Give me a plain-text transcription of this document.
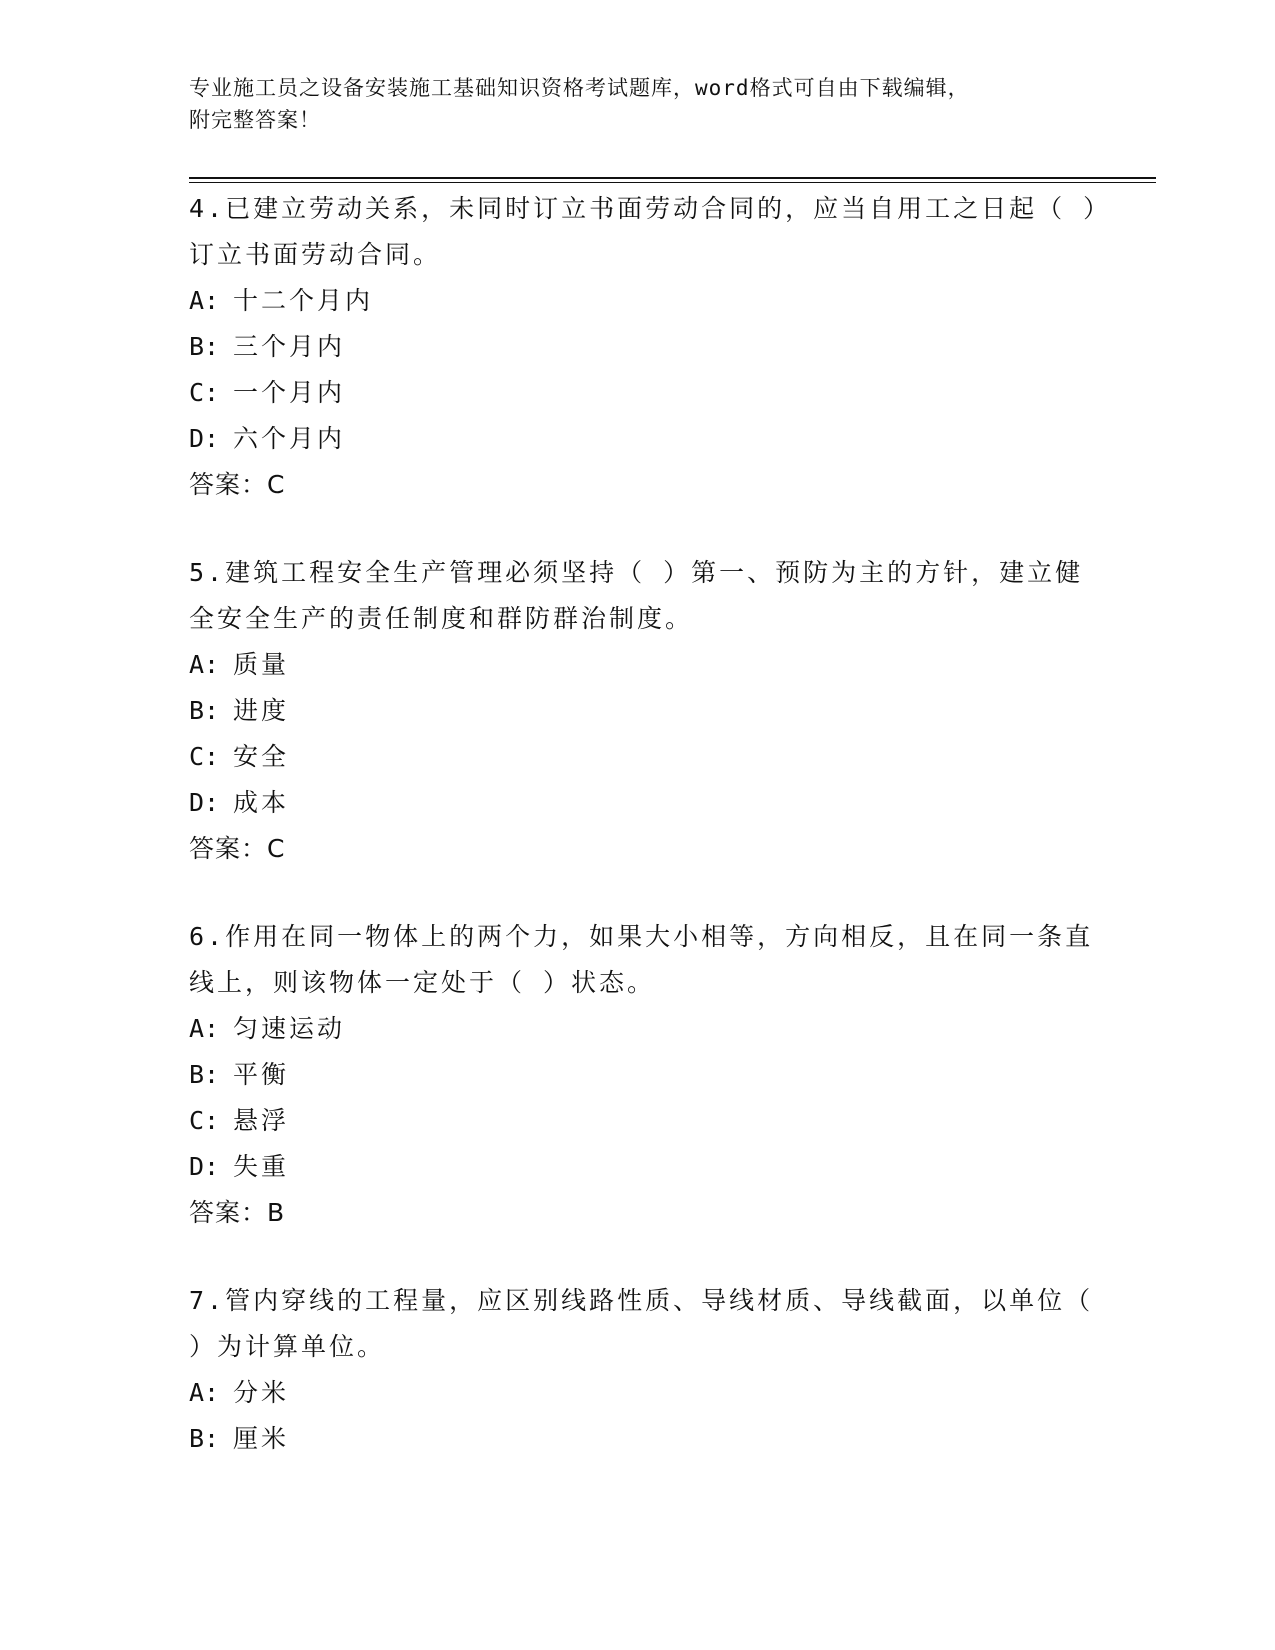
专业施工员之设备安装施工基础知识资格考试题库，word格式可自由下载编辑，
附完整答案！

4.已建立劳动关系，未同时订立书面劳动合同的，应当自用工之日起（ ）订立书面劳动合同。

A: 十二个月内

B: 三个月内

C: 一个月内

D: 六个月内

答案：C

5.建筑工程安全生产管理必须坚持（ ）第一、预防为主的方针，建立健全安全生产的责任制度和群防群治制度。

A: 质量

B: 进度

C: 安全

D: 成本

答案：C

6.作用在同一物体上的两个力，如果大小相等，方向相反，且在同一条直线上，则该物体一定处于（ ）状态。

A: 匀速运动

B: 平衡

C: 悬浮

D: 失重

答案：B

7.管内穿线的工程量，应区别线路性质、导线材质、导线截面，以单位（ ）为计算单位。

A: 分米

B: 厘米
